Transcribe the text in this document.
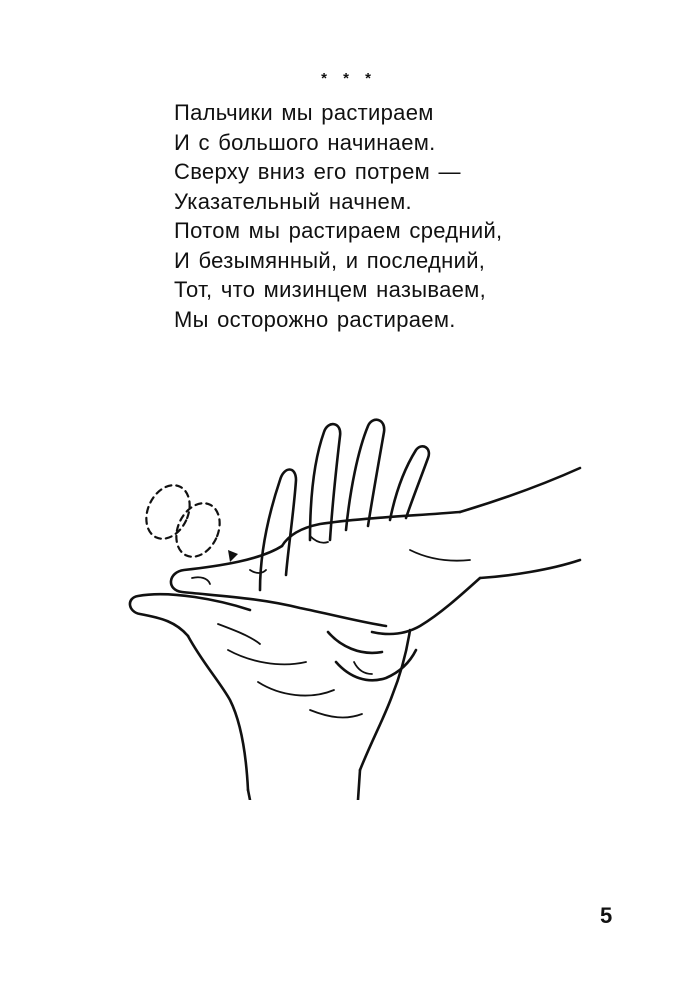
* * *
Пальчики мы растираем
И с большого начинаем.
Сверху вниз его потрем —
Указательный начнем.
Потом мы растираем средний,
И безымянный, и последний,
Тот, что мизинцем называем,
Мы осторожно растираем.
5
